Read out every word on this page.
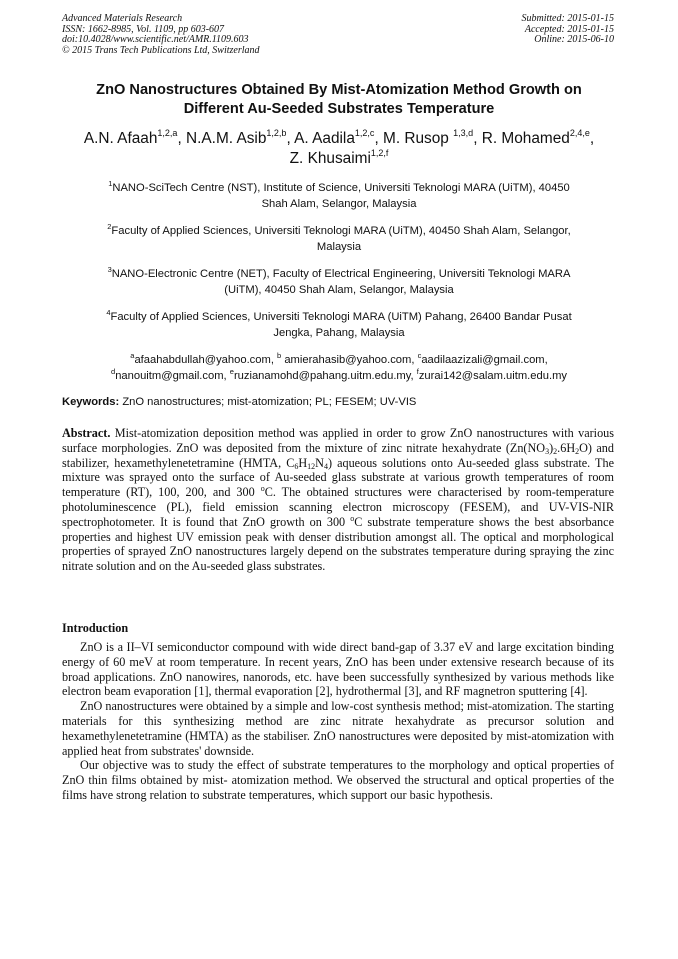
Advanced Materials Research
ISSN: 1662-8985, Vol. 1109, pp 603-607
doi:10.4028/www.scientific.net/AMR.1109.603
© 2015 Trans Tech Publications Ltd, Switzerland
Submitted: 2015-01-15
Accepted: 2015-01-15
Online: 2015-06-10
ZnO Nanostructures Obtained By Mist-Atomization Method Growth on
Different Au-Seeded Substrates Temperature
A.N. Afaah$^{1,2,a}$, N.A.M. Asib$^{1,2,b}$, A. Aadila$^{1,2,c}$, M. Rusop $^{1,3,d}$, R. Mohamed$^{2,4,e}$,
Z. Khusaimi$^{1,2,f}$
$^1$NANO-SciTech Centre (NST), Institute of Science, Universiti Teknologi MARA (UiTM), 40450
Shah Alam, Selangor, Malaysia
$^2$Faculty of Applied Sciences, Universiti Teknologi MARA (UiTM), 40450 Shah Alam, Selangor,
Malaysia
$^3$NANO-Electronic Centre (NET), Faculty of Electrical Engineering, Universiti Teknologi MARA
(UiTM), 40450 Shah Alam, Selangor, Malaysia
$^4$Faculty of Applied Sciences, Universiti Teknologi MARA (UiTM) Pahang, 26400 Bandar Pusat
Jengka, Pahang, Malaysia
$^a$afaahabdullah@yahoo.com, $^b$ amierahasib@yahoo.com, $^c$aadilaazizali@gmail.com,
$^d$nanouitm@gmail.com, $^e$ruzianamohd@pahang.uitm.edu.my, $^f$zurai142@salam.uitm.edu.my
Keywords: ZnO nanostructures; mist-atomization; PL; FESEM; UV-VIS
Abstract. Mist-atomization deposition method was applied in order to grow ZnO nanostructures with various surface morphologies. ZnO was deposited from the mixture of zinc nitrate hexahydrate $(Zn(NO_3)_2.6H_2O)$ and stabilizer, hexamethylenetetramine (HMTA, $C_6H_{12}N_4$) aqueous solutions onto Au-seeded glass substrate. The mixture was sprayed onto the surface of Au-seeded glass substrate at various growth temperatures of room temperature (RT), 100, 200, and 300 $^o$C. The obtained structures were characterised by room-temperature photoluminescence (PL), field emission scanning electron microscopy (FESEM), and UV-VIS-NIR spectrophotometer. It is found that ZnO growth on 300 $^o$C substrate temperature shows the best absorbance properties and highest UV emission peak with denser distribution amongst all. The optical and morphological properties of sprayed ZnO nanostructures largely depend on the substrates temperature during spraying the zinc nitrate solution and on the Au-seeded glass substrates.
Introduction

ZnO is a II–VI semiconductor compound with wide direct band-gap of 3.37 eV and large excitation binding energy of 60 meV at room temperature. In recent years, ZnO has been under extensive research because of its broad applications. ZnO nanowires, nanorods, etc. have been successfully synthesized by various methods like electron beam evaporation [1], thermal evaporation [2], hydrothermal [3], and RF magnetron sputtering [4].

ZnO nanostructures were obtained by a simple and low-cost synthesis method; mist-atomization. The starting materials for this synthesizing method are zinc nitrate hexahydrate as precursor solution and hexamethylenetetramine (HMTA) as the stabiliser. ZnO nanostructures were deposited by mist-atomization with applied heat from substrates' downside.

Our objective was to study the effect of substrate temperatures to the morphology and optical properties of ZnO thin films obtained by mist- atomization method. We observed the structural and optical properties of the films have strong relation to substrate temperatures, which support our basic hypothesis.
